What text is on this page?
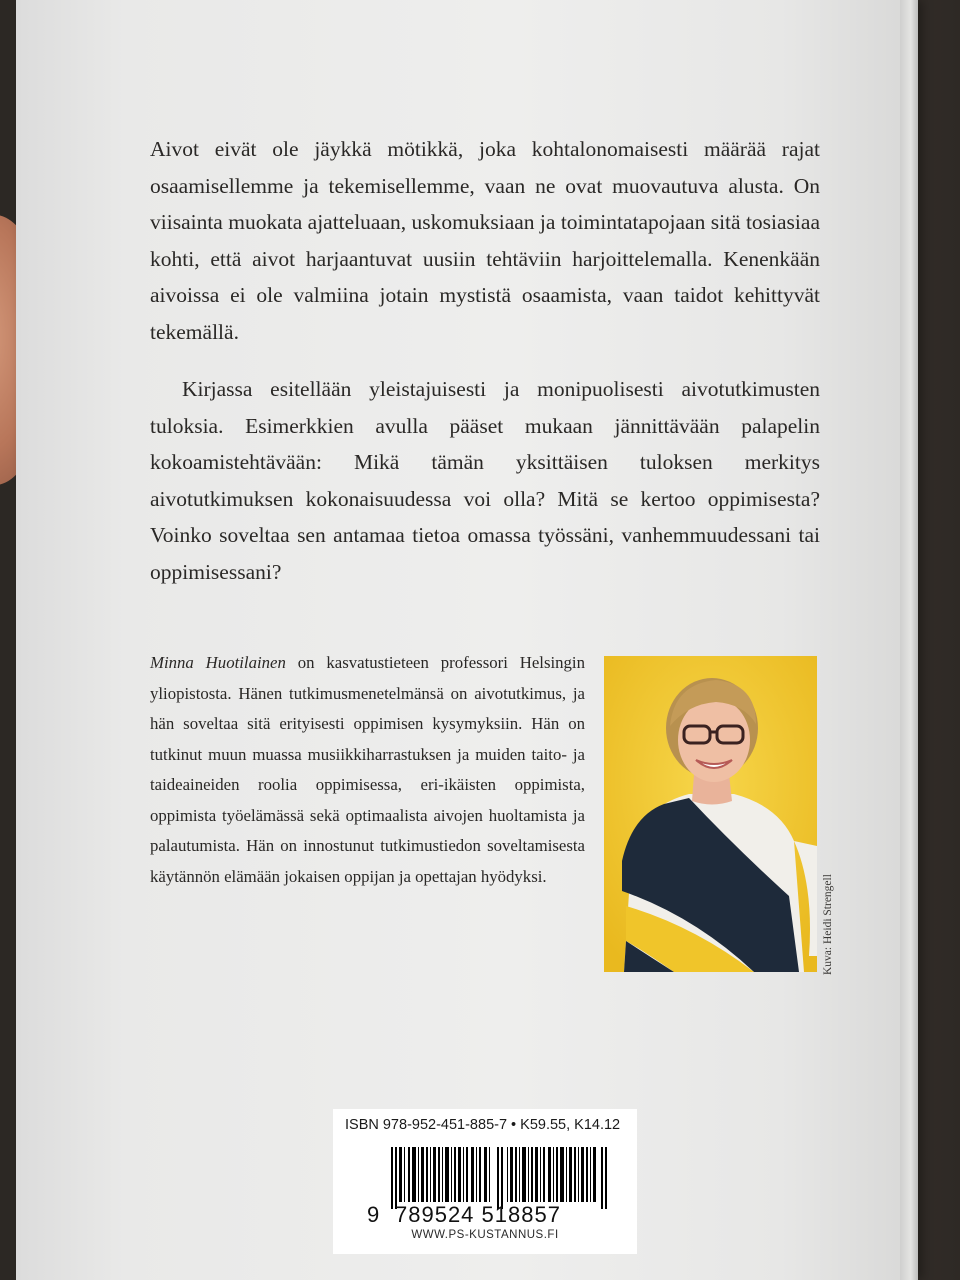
Aivot eivät ole jäykkä mötikkä, joka kohtalonomaisesti määrää rajat osaamisellemme ja tekemisellemme, vaan ne ovat muovautuva alusta. On viisainta muokata ajatteluaan, uskomuksiaan ja toimintatapojaan sitä tosiasiaa kohti, että aivot harjaantuvat uusiin tehtäviin harjoittelemalla. Kenenkään aivoissa ei ole valmiina jotain mystistä osaamista, vaan taidot kehittyvät tekemällä.

Kirjassa esitellään yleistajuisesti ja monipuolisesti aivotutkimusten tuloksia. Esimerkkien avulla pääset mukaan jännittävään palapelin kokoamistehtävään: Mikä tämän yksittäisen tuloksen merkitys aivotutkimuksen kokonaisuudessa voi olla? Mitä se kertoo oppimisesta? Voinko soveltaa sen antamaa tietoa omassa työssäni, vanhemmuudessani tai oppimisessani?

Minna Huotilainen on kasvatustieteen professori Helsingin yliopistosta. Hänen tutkimusmenetelmänsä on aivotutkimus, ja hän soveltaa sitä erityisesti oppimisen kysymyksiin. Hän on tutkinut muun muassa musiikkiharrastuksen ja muiden taito- ja taideaineiden roolia oppimisessa, eri-ikäisten oppimista, oppimista työelämässä sekä optimaalista aivojen huoltamista ja palautumista. Hän on innostunut tutkimustiedon soveltamisesta käytännön elämään jokaisen oppijan ja opettajan hyödyksi.	Kuva: Heidi Strengell
ISBN 978-952-451-885-7 • K59.55, K14.12
9 789524 518857
WWW.PS-KUSTANNUS.FI
